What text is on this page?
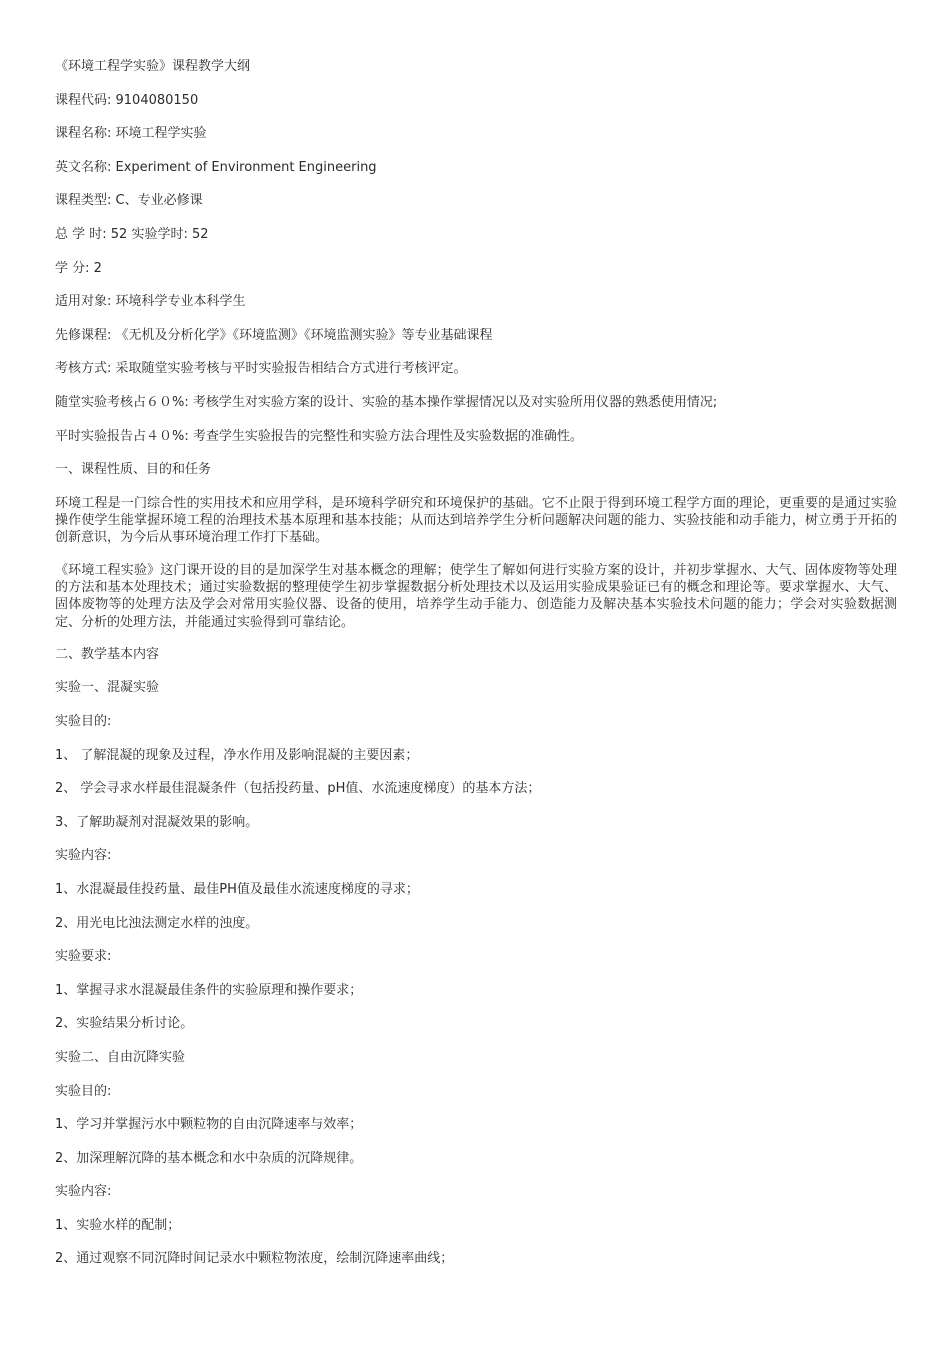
《环境工程学实验》课程教学大纲

课程代码: 9104080150

课程名称: 环境工程学实验

英文名称: Experiment of Environment Engineering

课程类型: C、专业必修课

总 学 时: 52 实验学时: 52

学 分: 2

适用对象: 环境科学专业本科学生

先修课程: 《无机及分析化学》《环境监测》《环境监测实验》等专业基础课程

考核方式: 采取随堂实验考核与平时实验报告相结合方式进行考核评定。

随堂实验考核占６０%: 考核学生对实验方案的设计、实验的基本操作掌握情况以及对实验所用仪器的熟悉使用情况;

平时实验报告占４０%: 考查学生实验报告的完整性和实验方法合理性及实验数据的准确性。

一、课程性质、目的和任务

环境工程是一门综合性的实用技术和应用学科，是环境科学研究和环境保护的基础。它不止限于得到环境工程学方面的理论，更重要的是通过实验操作使学生能掌握环境工程的治理技术基本原理和基本技能；从而达到培养学生分析问题解决问题的能力、实验技能和动手能力，树立勇于开拓的创新意识，为今后从事环境治理工作打下基础。

《环境工程实验》这门课开设的目的是加深学生对基本概念的理解；使学生了解如何进行实验方案的设计，并初步掌握水、大气、固体废物等处理的方法和基本处理技术；通过实验数据的整理使学生初步掌握数据分析处理技术以及运用实验成果验证已有的概念和理论等。要求掌握水、大气、固体废物等的处理方法及学会对常用实验仪器、设备的使用，培养学生动手能力、创造能力及解决基本实验技术问题的能力；学会对实验数据测定、分析的处理方法，并能通过实验得到可靠结论。

二、教学基本内容

实验一、混凝实验

实验目的:

1、 了解混凝的现象及过程，净水作用及影响混凝的主要因素；

2、 学会寻求水样最佳混凝条件（包括投药量、pH值、水流速度梯度）的基本方法；

3、了解助凝剂对混凝效果的影响。

实验内容:

1、水混凝最佳投药量、最佳PH值及最佳水流速度梯度的寻求；

2、用光电比浊法测定水样的浊度。

实验要求:

1、掌握寻求水混凝最佳条件的实验原理和操作要求；

2、实验结果分析讨论。

实验二、自由沉降实验

实验目的:

1、学习并掌握污水中颗粒物的自由沉降速率与效率；

2、加深理解沉降的基本概念和水中杂质的沉降规律。

实验内容:

1、实验水样的配制；

2、通过观察不同沉降时间记录水中颗粒物浓度，绘制沉降速率曲线；
